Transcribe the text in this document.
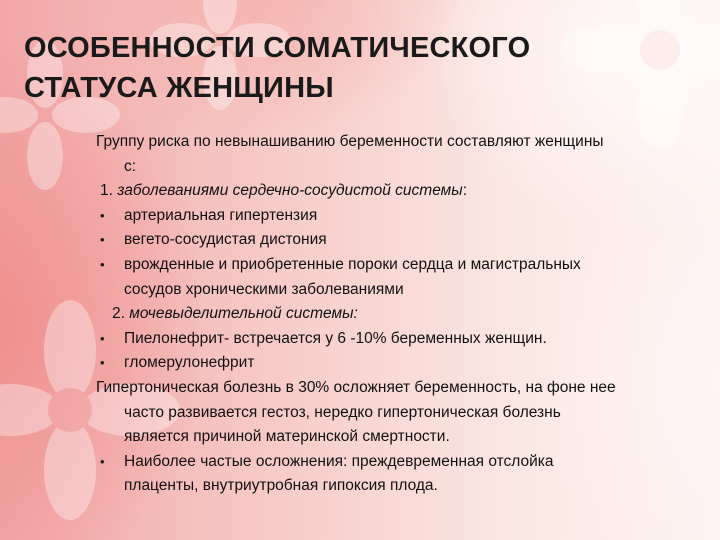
ОСОБЕННОСТИ СОМАТИЧЕСКОГО
СТАТУСА ЖЕНЩИНЫ
Группу риска по невынашиванию беременности составляют женщины
с:
1. заболеваниями сердечно-сосудистой системы:
• артериальная гипертензия
• вегето-сосудистая дистония
• врожденные и приобретенные пороки сердца и магистральных
сосудов хроническими заболеваниями
2. мочевыделительной системы:
• Пиелонефрит- встречается у 6 -10% беременных женщин.
• гломерулонефрит
Гипертоническая болезнь в 30% осложняет беременность, на фоне нее
часто развивается гестоз, нередко гипертоническая болезнь
является причиной материнской смертности.
• Наиболее частые осложнения: преждевременная отслойка
плаценты, внутриутробная гипоксия плода.
